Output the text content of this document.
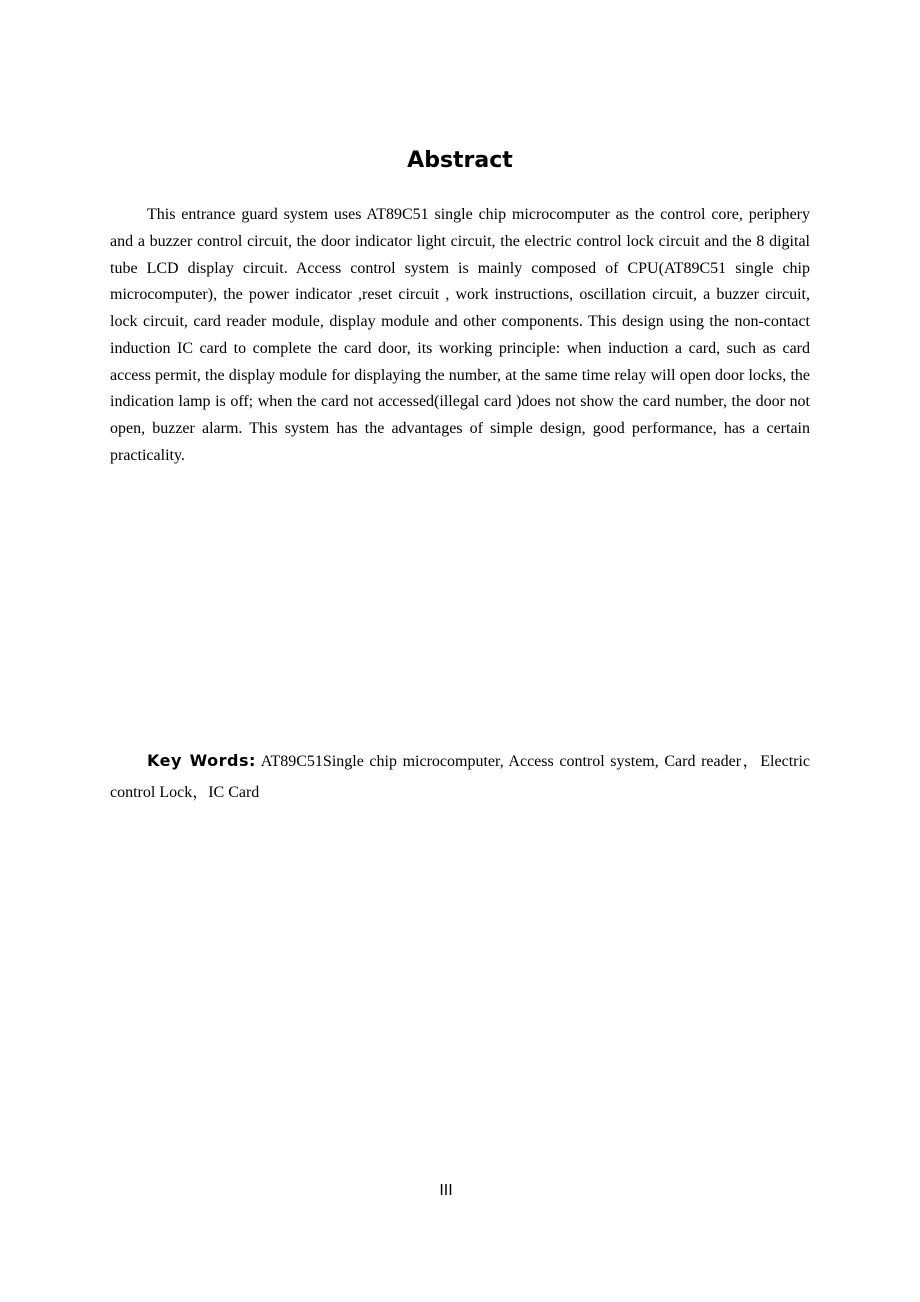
Abstract

This entrance guard system uses AT89C51 single chip microcomputer as the control core, periphery and a buzzer control circuit, the door indicator light circuit, the electric control lock circuit and the 8 digital tube LCD display circuit. Access control system is mainly composed of CPU(AT89C51 single chip microcomputer), the power indicator ,reset circuit , work instructions, oscillation circuit, a buzzer circuit, lock circuit, card reader module, display module and other components. This design using the non-contact induction IC card to complete the card door, its working principle: when induction a card, such as card access permit, the display module for displaying the number, at the same time relay will open door locks, the indication lamp is off; when the card not accessed(illegal card )does not show the card number, the door not open, buzzer alarm. This system has the advantages of simple design, good performance, has a certain practicality.

Key Words: AT89C51Single chip microcomputer, Access control system, Card reader，Electric control Lock，IC Card

III
